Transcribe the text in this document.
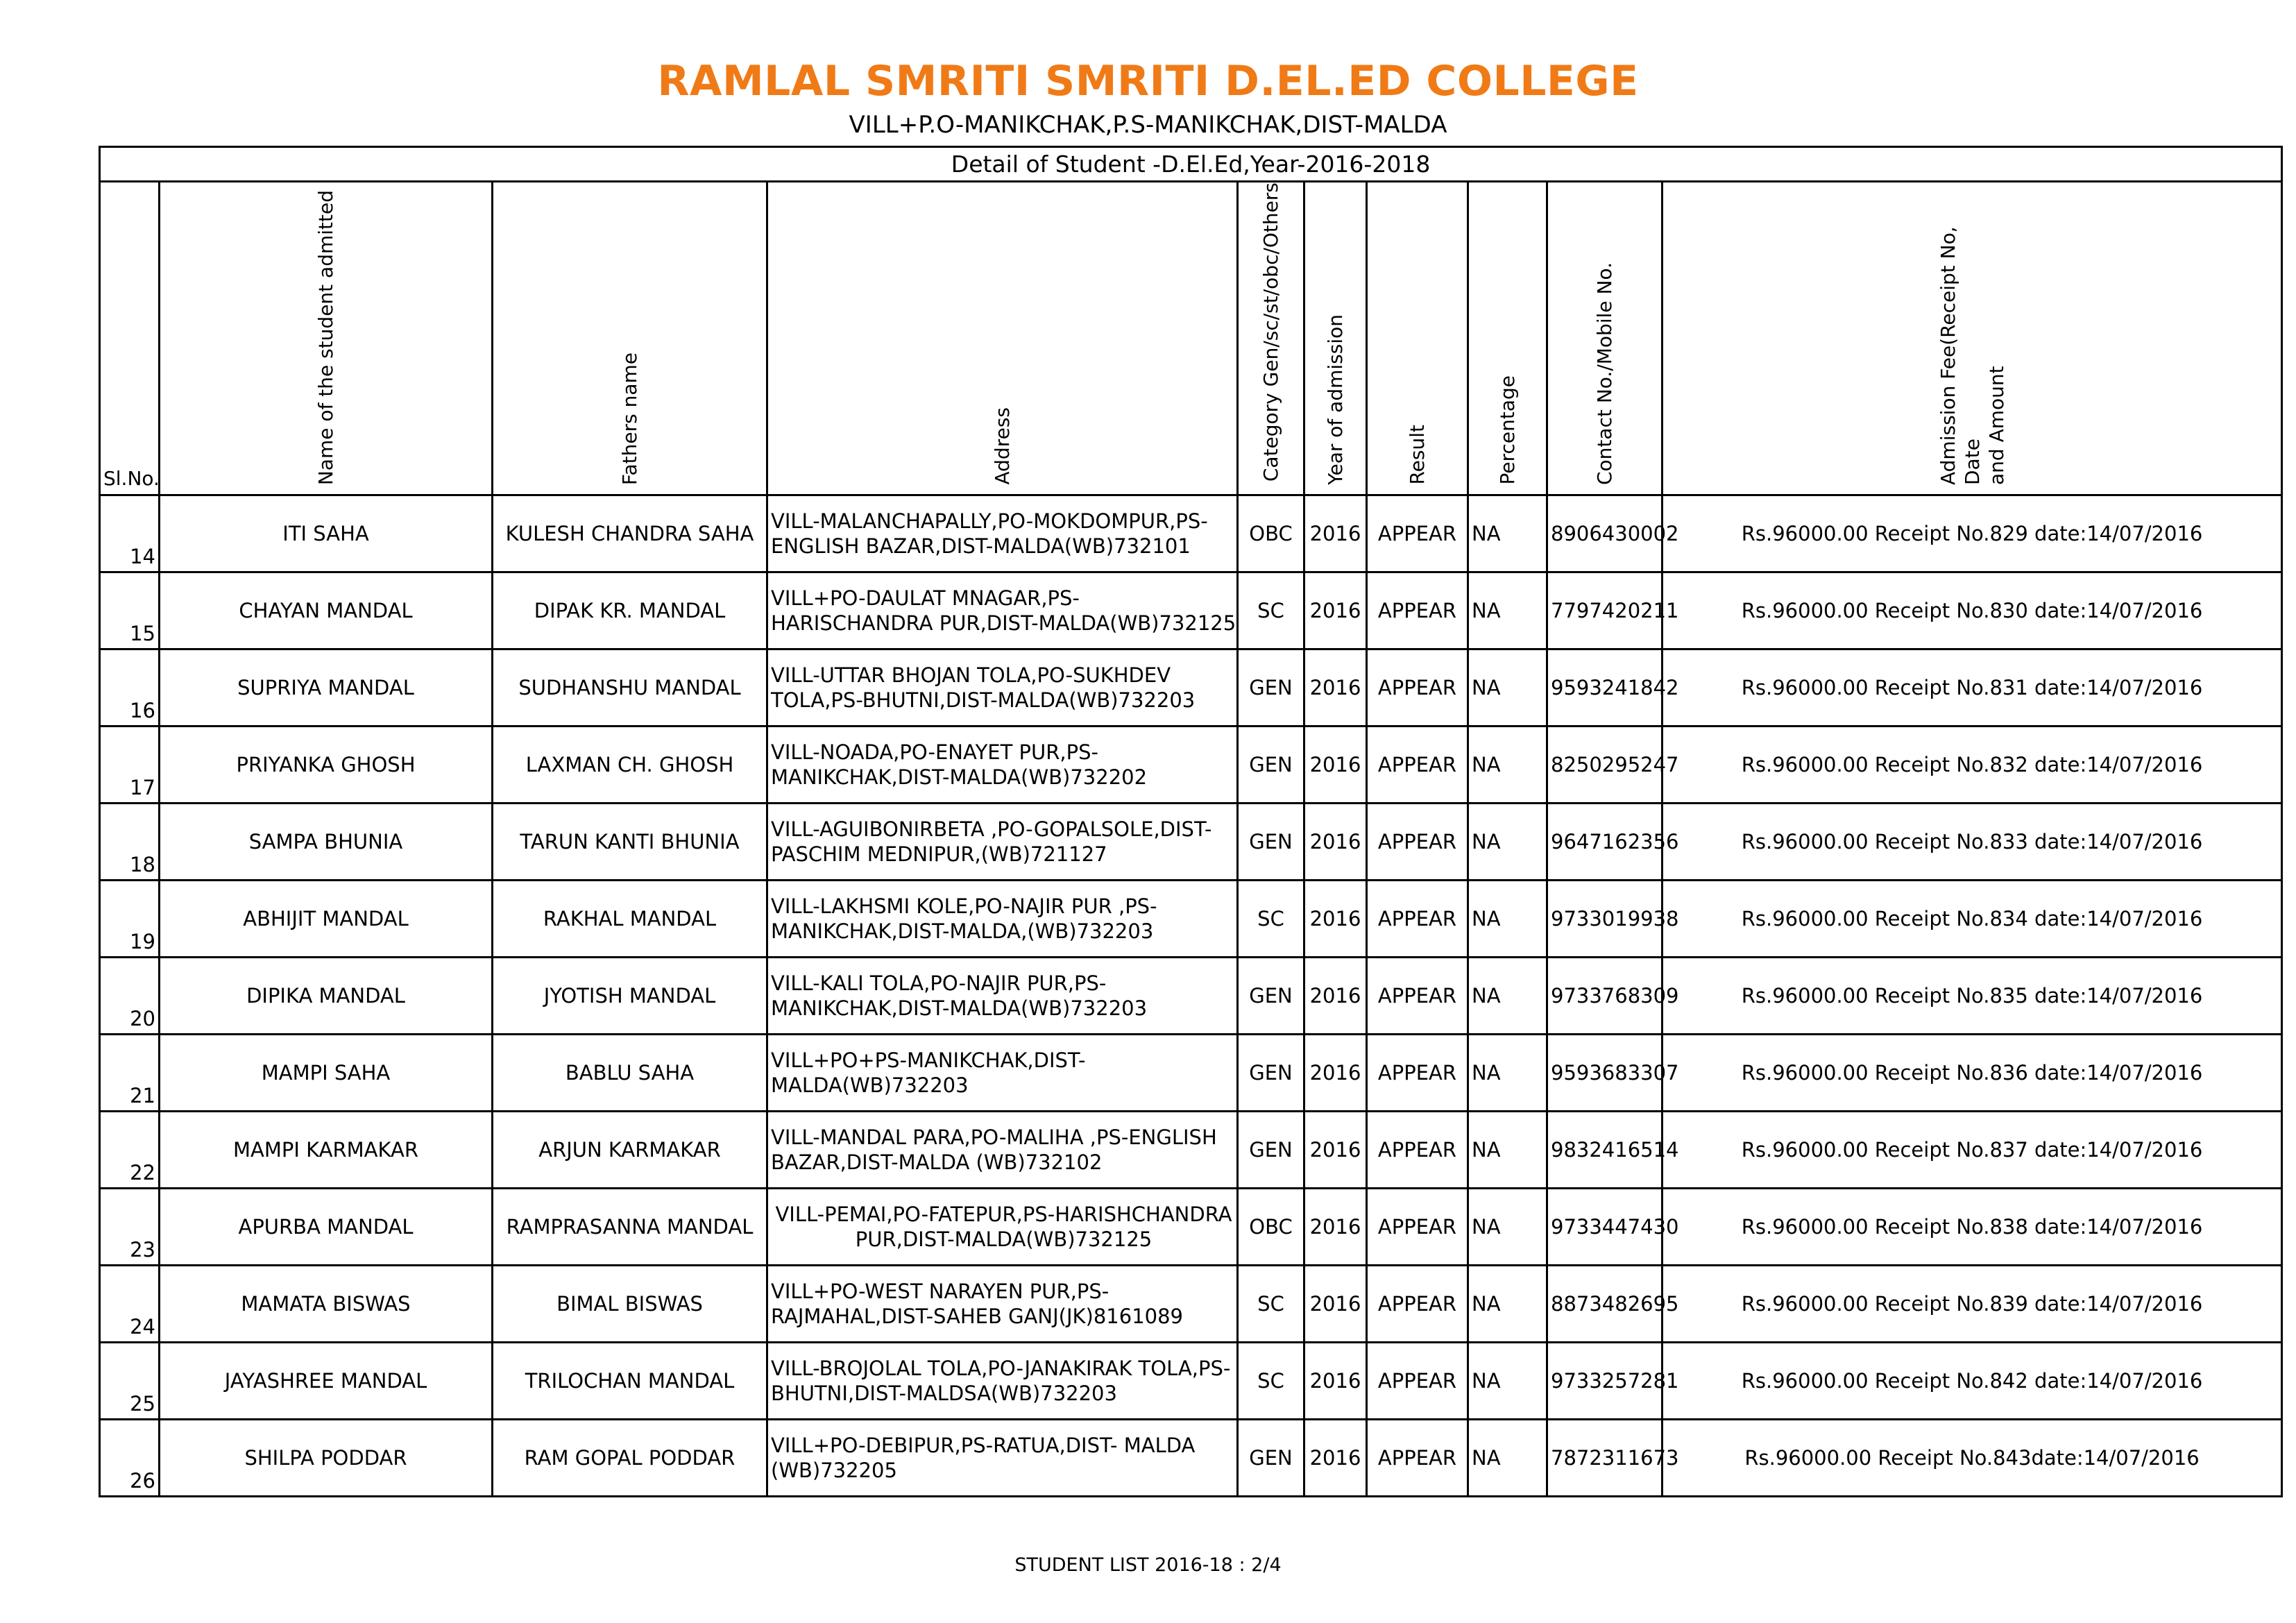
RAMLAL SMRITI SMRITI D.EL.ED COLLEGE
VILL+P.O-MANIKCHAK,P.S-MANIKCHAK,DIST-MALDA
Detail of Student -D.El.Ed,Year-2016-2018									
Sl.No.	Name of the student admitted	Fathers name	Address	Category Gen/sc/st/obc/Others	Year of admission	Result	Percentage	Contact No./Mobile No.	Admission Fee(Receipt No, Date
and Amount
14	ITI SAHA	KULESH CHANDRA SAHA	VILL-MALANCHAPALLY,PO-MOKDOMPUR,PS-ENGLISH BAZAR,DIST-MALDA(WB)732101	OBC	2016	APPEAR	NA	8906430002	Rs.96000.00 Receipt No.829 date:14/07/2016
15	CHAYAN MANDAL	DIPAK KR. MANDAL	VILL+PO-DAULAT MNAGAR,PS-HARISCHANDRA PUR,DIST-MALDA(WB)732125	SC	2016	APPEAR	NA	7797420211	Rs.96000.00 Receipt No.830 date:14/07/2016
16	SUPRIYA MANDAL	SUDHANSHU MANDAL	VILL-UTTAR BHOJAN TOLA,PO-SUKHDEV TOLA,PS-BHUTNI,DIST-MALDA(WB)732203	GEN	2016	APPEAR	NA	9593241842	Rs.96000.00 Receipt No.831 date:14/07/2016
17	PRIYANKA GHOSH	LAXMAN CH. GHOSH	VILL-NOADA,PO-ENAYET PUR,PS-MANIKCHAK,DIST-MALDA(WB)732202	GEN	2016	APPEAR	NA	8250295247	Rs.96000.00 Receipt No.832 date:14/07/2016
18	SAMPA BHUNIA	TARUN KANTI BHUNIA	VILL-AGUIBONIRBETA ,PO-GOPALSOLE,DIST-PASCHIM MEDNIPUR,(WB)721127	GEN	2016	APPEAR	NA	9647162356	Rs.96000.00 Receipt No.833 date:14/07/2016
19	ABHIJIT MANDAL	RAKHAL MANDAL	VILL-LAKHSMI KOLE,PO-NAJIR PUR ,PS-MANIKCHAK,DIST-MALDA,(WB)732203	SC	2016	APPEAR	NA	9733019938	Rs.96000.00 Receipt No.834 date:14/07/2016
20	DIPIKA MANDAL	JYOTISH MANDAL	VILL-KALI TOLA,PO-NAJIR PUR,PS-MANIKCHAK,DIST-MALDA(WB)732203	GEN	2016	APPEAR	NA	9733768309	Rs.96000.00 Receipt No.835 date:14/07/2016
21	MAMPI SAHA	BABLU SAHA	VILL+PO+PS-MANIKCHAK,DIST-MALDA(WB)732203	GEN	2016	APPEAR	NA	9593683307	Rs.96000.00 Receipt No.836 date:14/07/2016
22	MAMPI KARMAKAR	ARJUN KARMAKAR	VILL-MANDAL PARA,PO-MALIHA ,PS-ENGLISH BAZAR,DIST-MALDA (WB)732102	GEN	2016	APPEAR	NA	9832416514	Rs.96000.00 Receipt No.837 date:14/07/2016
23	APURBA MANDAL	RAMPRASANNA MANDAL	VILL-PEMAI,PO-FATEPUR,PS-HARISHCHANDRA PUR,DIST-MALDA(WB)732125	OBC	2016	APPEAR	NA	9733447430	Rs.96000.00 Receipt No.838 date:14/07/2016
24	MAMATA BISWAS	BIMAL BISWAS	VILL+PO-WEST NARAYEN PUR,PS-RAJMAHAL,DIST-SAHEB GANJ(JK)8161089	SC	2016	APPEAR	NA	8873482695	Rs.96000.00 Receipt No.839 date:14/07/2016
25	JAYASHREE MANDAL	TRILOCHAN MANDAL	VILL-BROJOLAL TOLA,PO-JANAKIRAK TOLA,PS-BHUTNI,DIST-MALDSA(WB)732203	SC	2016	APPEAR	NA	9733257281	Rs.96000.00 Receipt No.842 date:14/07/2016
26	SHILPA PODDAR	RAM GOPAL PODDAR	VILL+PO-DEBIPUR,PS-RATUA,DIST- MALDA (WB)732205	GEN	2016	APPEAR	NA	7872311673	Rs.96000.00 Receipt No.843date:14/07/2016
STUDENT LIST 2016-18 : 2/4
